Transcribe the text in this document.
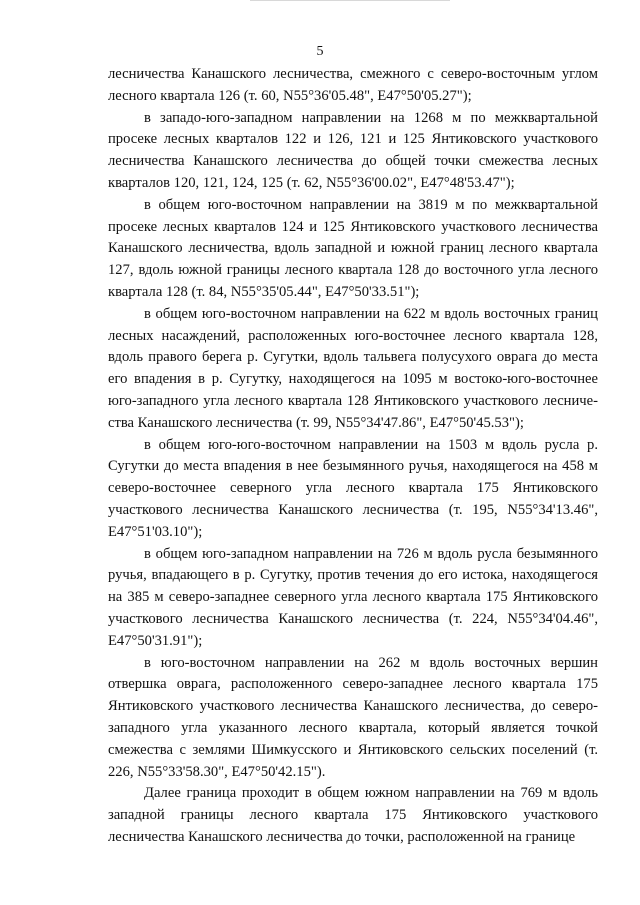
5

лесничества Канашского лесничества, смежного с северо-восточным углом лесного квартала 126 (т. 60, N55°36'05.48", E47°50'05.27");

в западо-юго-западном направлении на 1268 м по межквартальной просеке лесных кварталов 122 и 126, 121 и 125 Янтиковского участкового лесничества Канашского лесничества до общей точки смежества лесных кварталов 120, 121, 124, 125 (т. 62, N55°36'00.02", E47°48'53.47");

в общем юго-восточном направлении на 3819 м по межквартальной просеке лесных кварталов 124 и 125 Янтиковского участкового лесничества Канашского лесничества, вдоль западной и южной границ лесного квартала 127, вдоль южной границы лесного квартала 128 до восточного угла лесного квартала 128 (т. 84, N55°35'05.44", E47°50'33.51");

в общем юго-восточном направлении на 622 м вдоль восточных границ лесных насаждений, расположенных юго-восточнее лесного квартала 128, вдоль правого берега р. Сугутки, вдоль тальвега полусухого оврага до места его впадения в р. Сугутку, находящегося на 1095 м востоко-юго-восточнее юго-западного угла лесного квартала 128 Янтиковского участкового лесничества Канашского лесничества (т. 99, N55°34'47.86", E47°50'45.53");

в общем юго-юго-восточном направлении на 1503 м вдоль русла р. Сугутки до места впадения в нее безымянного ручья, находящегося на 458 м северо-восточнее северного угла лесного квартала 175 Янтиковского участкового лесничества Канашского лесничества (т. 195, N55°34'13.46", E47°51'03.10");

в общем юго-западном направлении на 726 м вдоль русла безымянного ручья, впадающего в р. Сугутку, против течения до его истока, находящегося на 385 м северо-западнее северного угла лесного квартала 175 Янтиковского участкового лесничества Канашского лесничества (т. 224, N55°34'04.46", E47°50'31.91");

в юго-восточном направлении на 262 м вдоль восточных вершин отвершка оврага, расположенного северо-западнее лесного квартала 175 Янтиковского участкового лесничества Канашского лесничества, до северо-западного угла указанного лесного квартала, который является точкой смежества с землями Шимкусского и Янтиковского сельских поселений (т. 226, N55°33'58.30", E47°50'42.15").

Далее граница проходит в общем южном направлении на 769 м вдоль западной границы лесного квартала 175 Янтиковского участкового лесничества Канашского лесничества до точки, расположенной на границе
